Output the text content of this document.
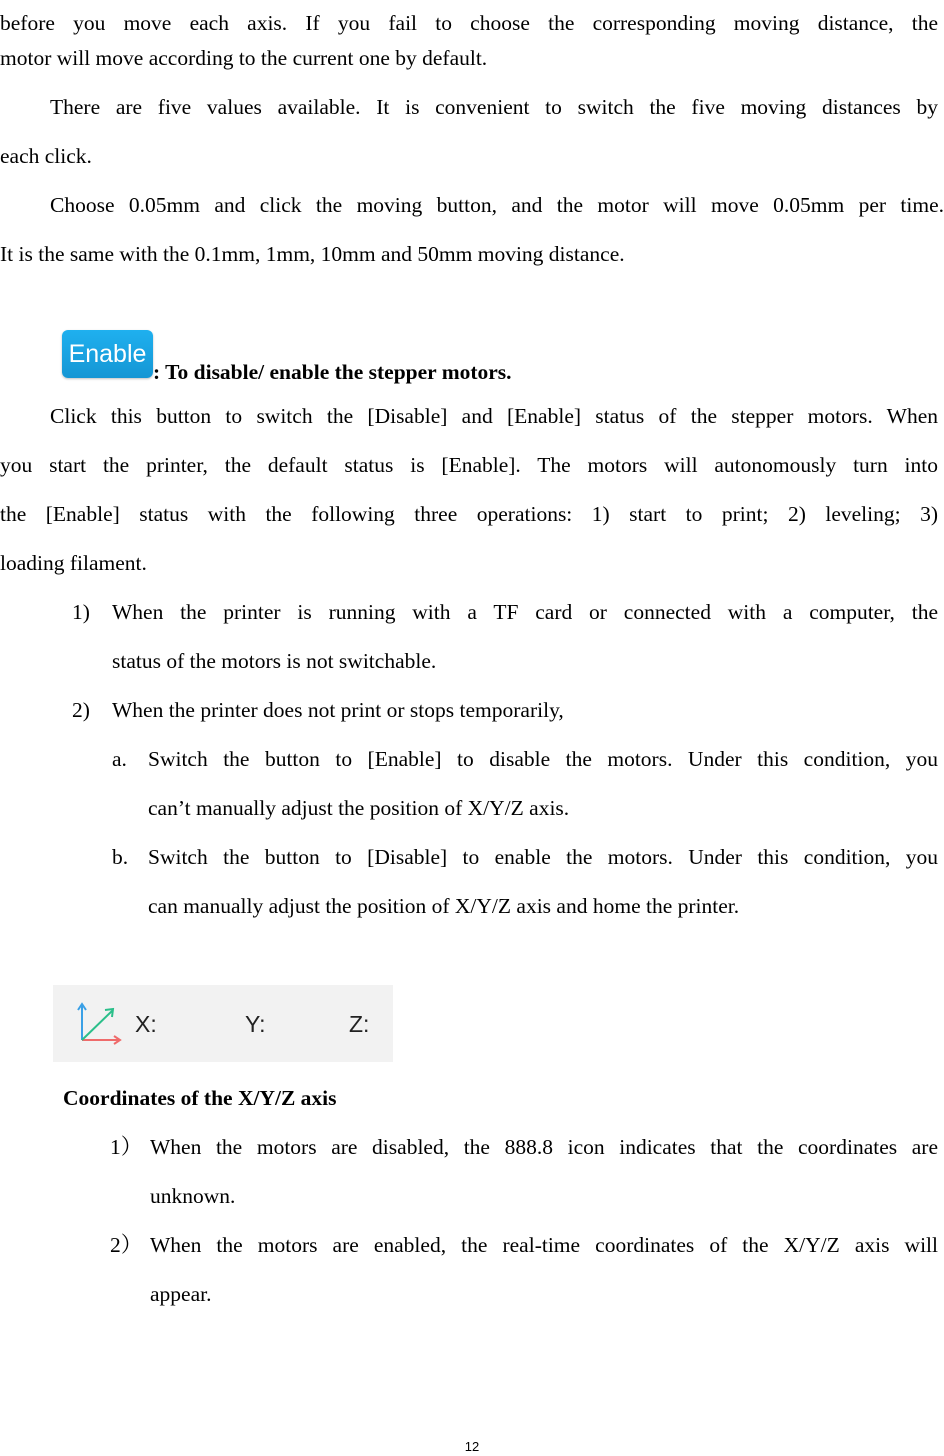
before you move each axis. If you fail to choose the corresponding moving distance, the
motor will move according to the current one by default.
There are five values available. It is convenient to switch the five moving distances by
each click.
Choose 0.05mm and click the moving button, and the motor will move 0.05mm per time.
It is the same with the 0.1mm, 1mm, 10mm and 50mm moving distance.
Enable
: To disable/ enable the stepper motors.
Click this button to switch the [Disable] and [Enable] status of the stepper motors. When
you start the printer, the default status is [Enable]. The motors will autonomously turn into
the [Enable] status with the following three operations: 1) start to print; 2) leveling; 3)
loading filament.
1) When the printer is running with a TF card or connected with a computer, the
status of the motors is not switchable.
2) When the printer does not print or stops temporarily,
a. Switch the button to [Enable] to disable the motors. Under this condition, you
can’t manually adjust the position of X/Y/Z axis.
b. Switch the button to [Disable] to enable the motors. Under this condition, you
can manually adjust the position of X/Y/Z axis and home the printer.
X:	Y:	Z:
Coordinates of the X/Y/Z axis
1） When the motors are disabled, the 888.8 icon indicates that the coordinates are
unknown.
2） When the motors are enabled, the real-time coordinates of the X/Y/Z axis will
appear.
12
